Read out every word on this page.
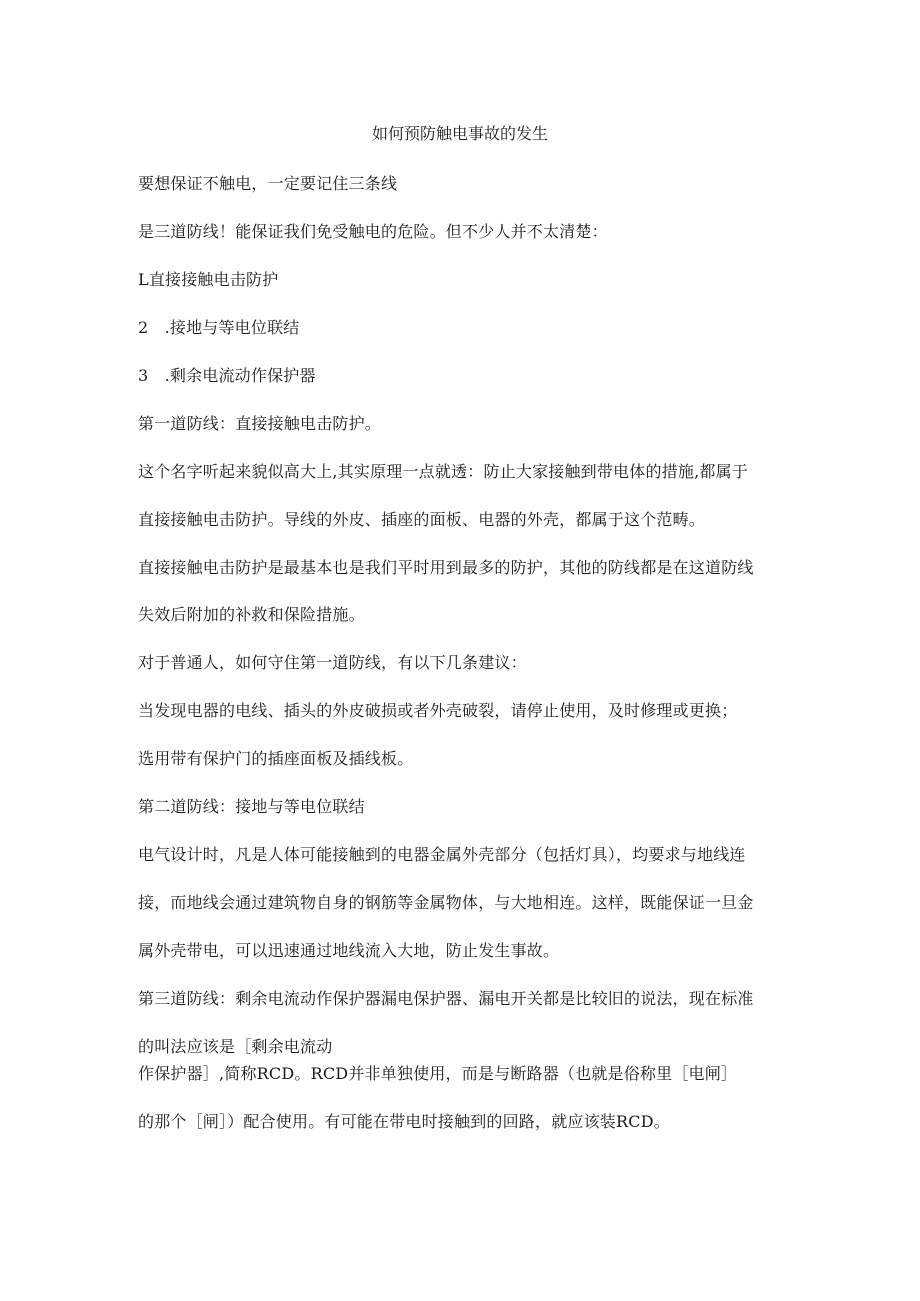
如何预防触电事故的发生
要想保证不触电，一定要记住三条线
是三道防线！能保证我们免受触电的危险。但不少人并不太清楚：
L直接接触电击防护
2　.接地与等电位联结
3　.剩余电流动作保护器
第一道防线：直接接触电击防护。
这个名字听起来貌似高大上,其实原理一点就透：防止大家接触到带电体的措施,都属于
直接接触电击防护。导线的外皮、插座的面板、电器的外壳，都属于这个范畴。
直接接触电击防护是最基本也是我们平时用到最多的防护，其他的防线都是在这道防线
失效后附加的补救和保险措施。
对于普通人，如何守住第一道防线，有以下几条建议：
当发现电器的电线、插头的外皮破损或者外壳破裂，请停止使用，及时修理或更换；
选用带有保护门的插座面板及插线板。
第二道防线：接地与等电位联结
电气设计时，凡是人体可能接触到的电器金属外壳部分（包括灯具），均要求与地线连
接，而地线会通过建筑物自身的钢筋等金属物体，与大地相连。这样，既能保证一旦金
属外壳带电，可以迅速通过地线流入大地，防止发生事故。
第三道防线：剩余电流动作保护器漏电保护器、漏电开关都是比较旧的说法，现在标准
的叫法应该是［剩余电流动
作保护器］,简称RCD。RCD并非单独使用，而是与断路器（也就是俗称里［电闸］
的那个［闸］）配合使用。有可能在带电时接触到的回路，就应该装RCD。
